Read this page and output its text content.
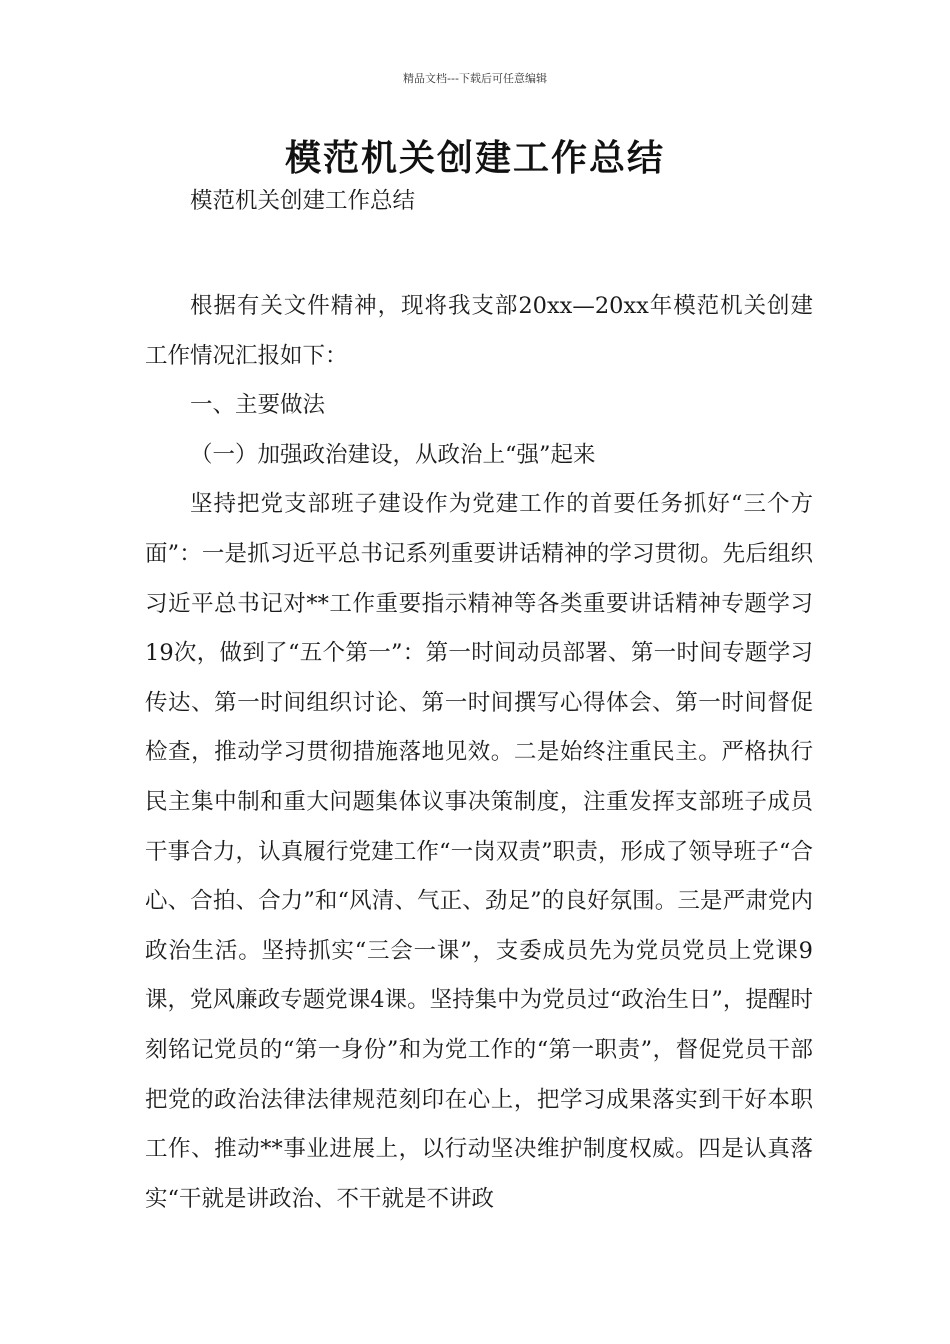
精品文档---下载后可任意编辑
模范机关创建工作总结

模范机关创建工作总结

根据有关文件精神，现将我支部20xx—20xx年模范机关创建工作情况汇报如下：

一、主要做法

（一）加强政治建设，从政治上“强”起来

坚持把党支部班子建设作为党建工作的首要任务抓好“三个方面”：一是抓习近平总书记系列重要讲话精神的学习贯彻。先后组织习近平总书记对**工作重要指示精神等各类重要讲话精神专题学习19次，做到了“五个第一”：第一时间动员部署、第一时间专题学习传达、第一时间组织讨论、第一时间撰写心得体会、第一时间督促检查，推动学习贯彻措施落地见效。二是始终注重民主。严格执行民主集中制和重大问题集体议事决策制度，注重发挥支部班子成员干事合力，认真履行党建工作“一岗双责”职责，形成了领导班子“合心、合拍、合力”和“风清、气正、劲足”的良好氛围。三是严肃党内政治生活。坚持抓实“三会一课”，支委成员先为党员党员上党课9课，党风廉政专题党课4课。坚持集中为党员过“政治生日”，提醒时刻铭记党员的“第一身份”和为党工作的“第一职责”，督促党员干部把党的政治法律法律规范刻印在心上，把学习成果落实到干好本职工作、推动**事业进展上，以行动坚决维护制度权威。四是认真落实“干就是讲政治、不干就是不讲政
